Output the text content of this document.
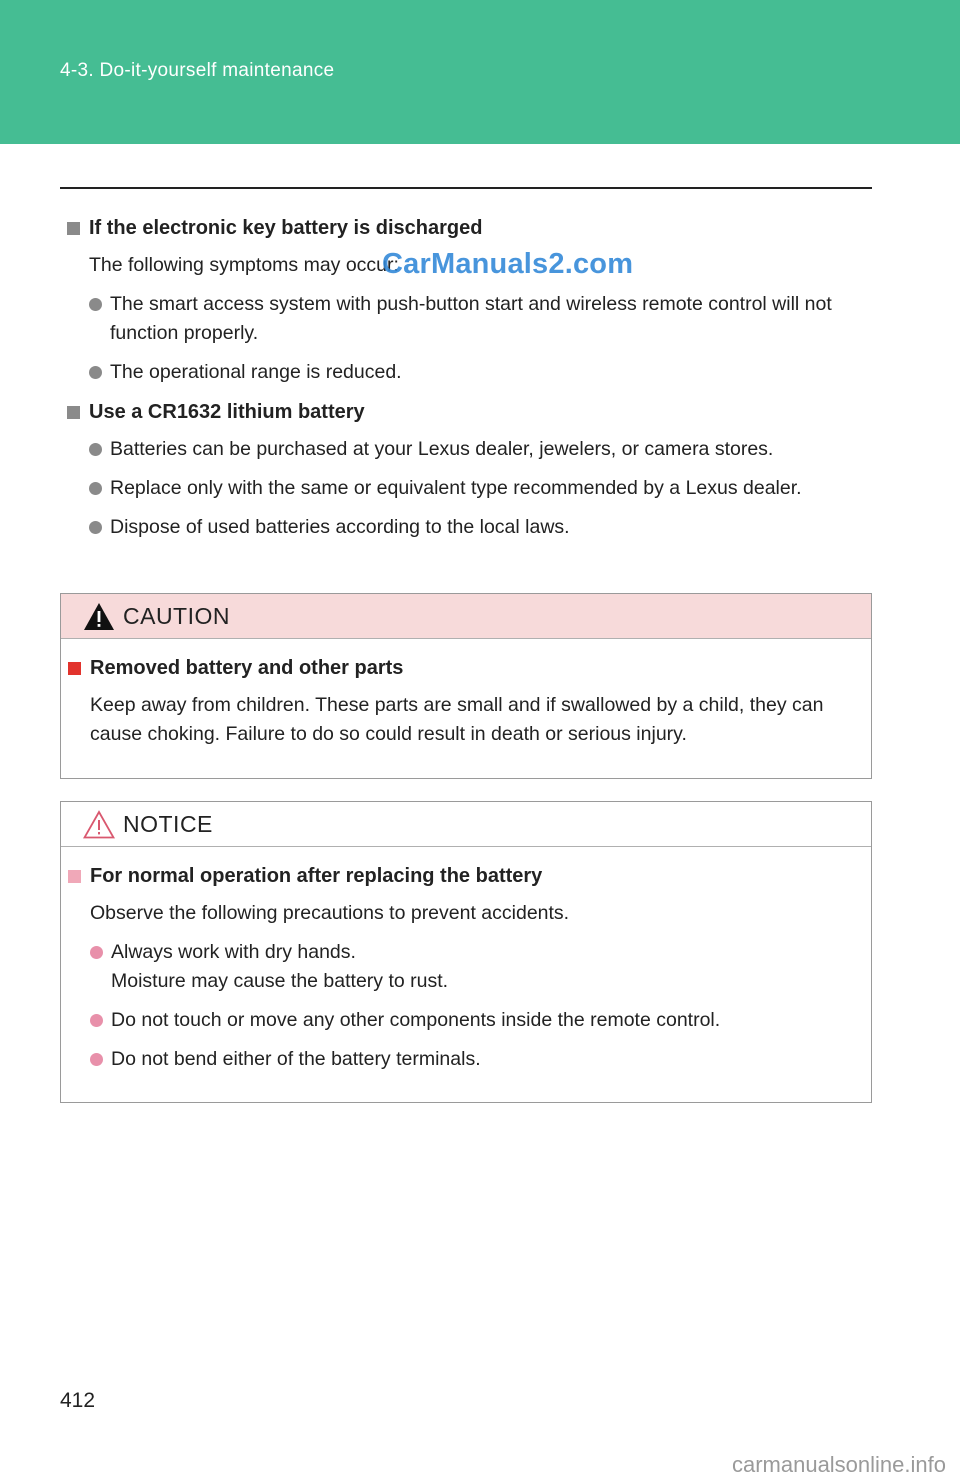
4-3. Do-it-yourself maintenance
If the electronic key battery is discharged
The following symptoms may occur:
The smart access system with push-button start and wireless remote control will not function properly.
The operational range is reduced.
Use a CR1632 lithium battery
Batteries can be purchased at your Lexus dealer, jewelers, or camera stores.
Replace only with the same or equivalent type recommended by a Lexus dealer.
Dispose of used batteries according to the local laws.
CarManuals2.com
CAUTION
Removed battery and other parts
Keep away from children. These parts are small and if swallowed by a child, they can cause choking. Failure to do so could result in death or serious injury.
NOTICE
For normal operation after replacing the battery
Observe the following precautions to prevent accidents.
Always work with dry hands.
Moisture may cause the battery to rust.
Do not touch or move any other components inside the remote control.
Do not bend either of the battery terminals.
412
carmanualsonline.info
